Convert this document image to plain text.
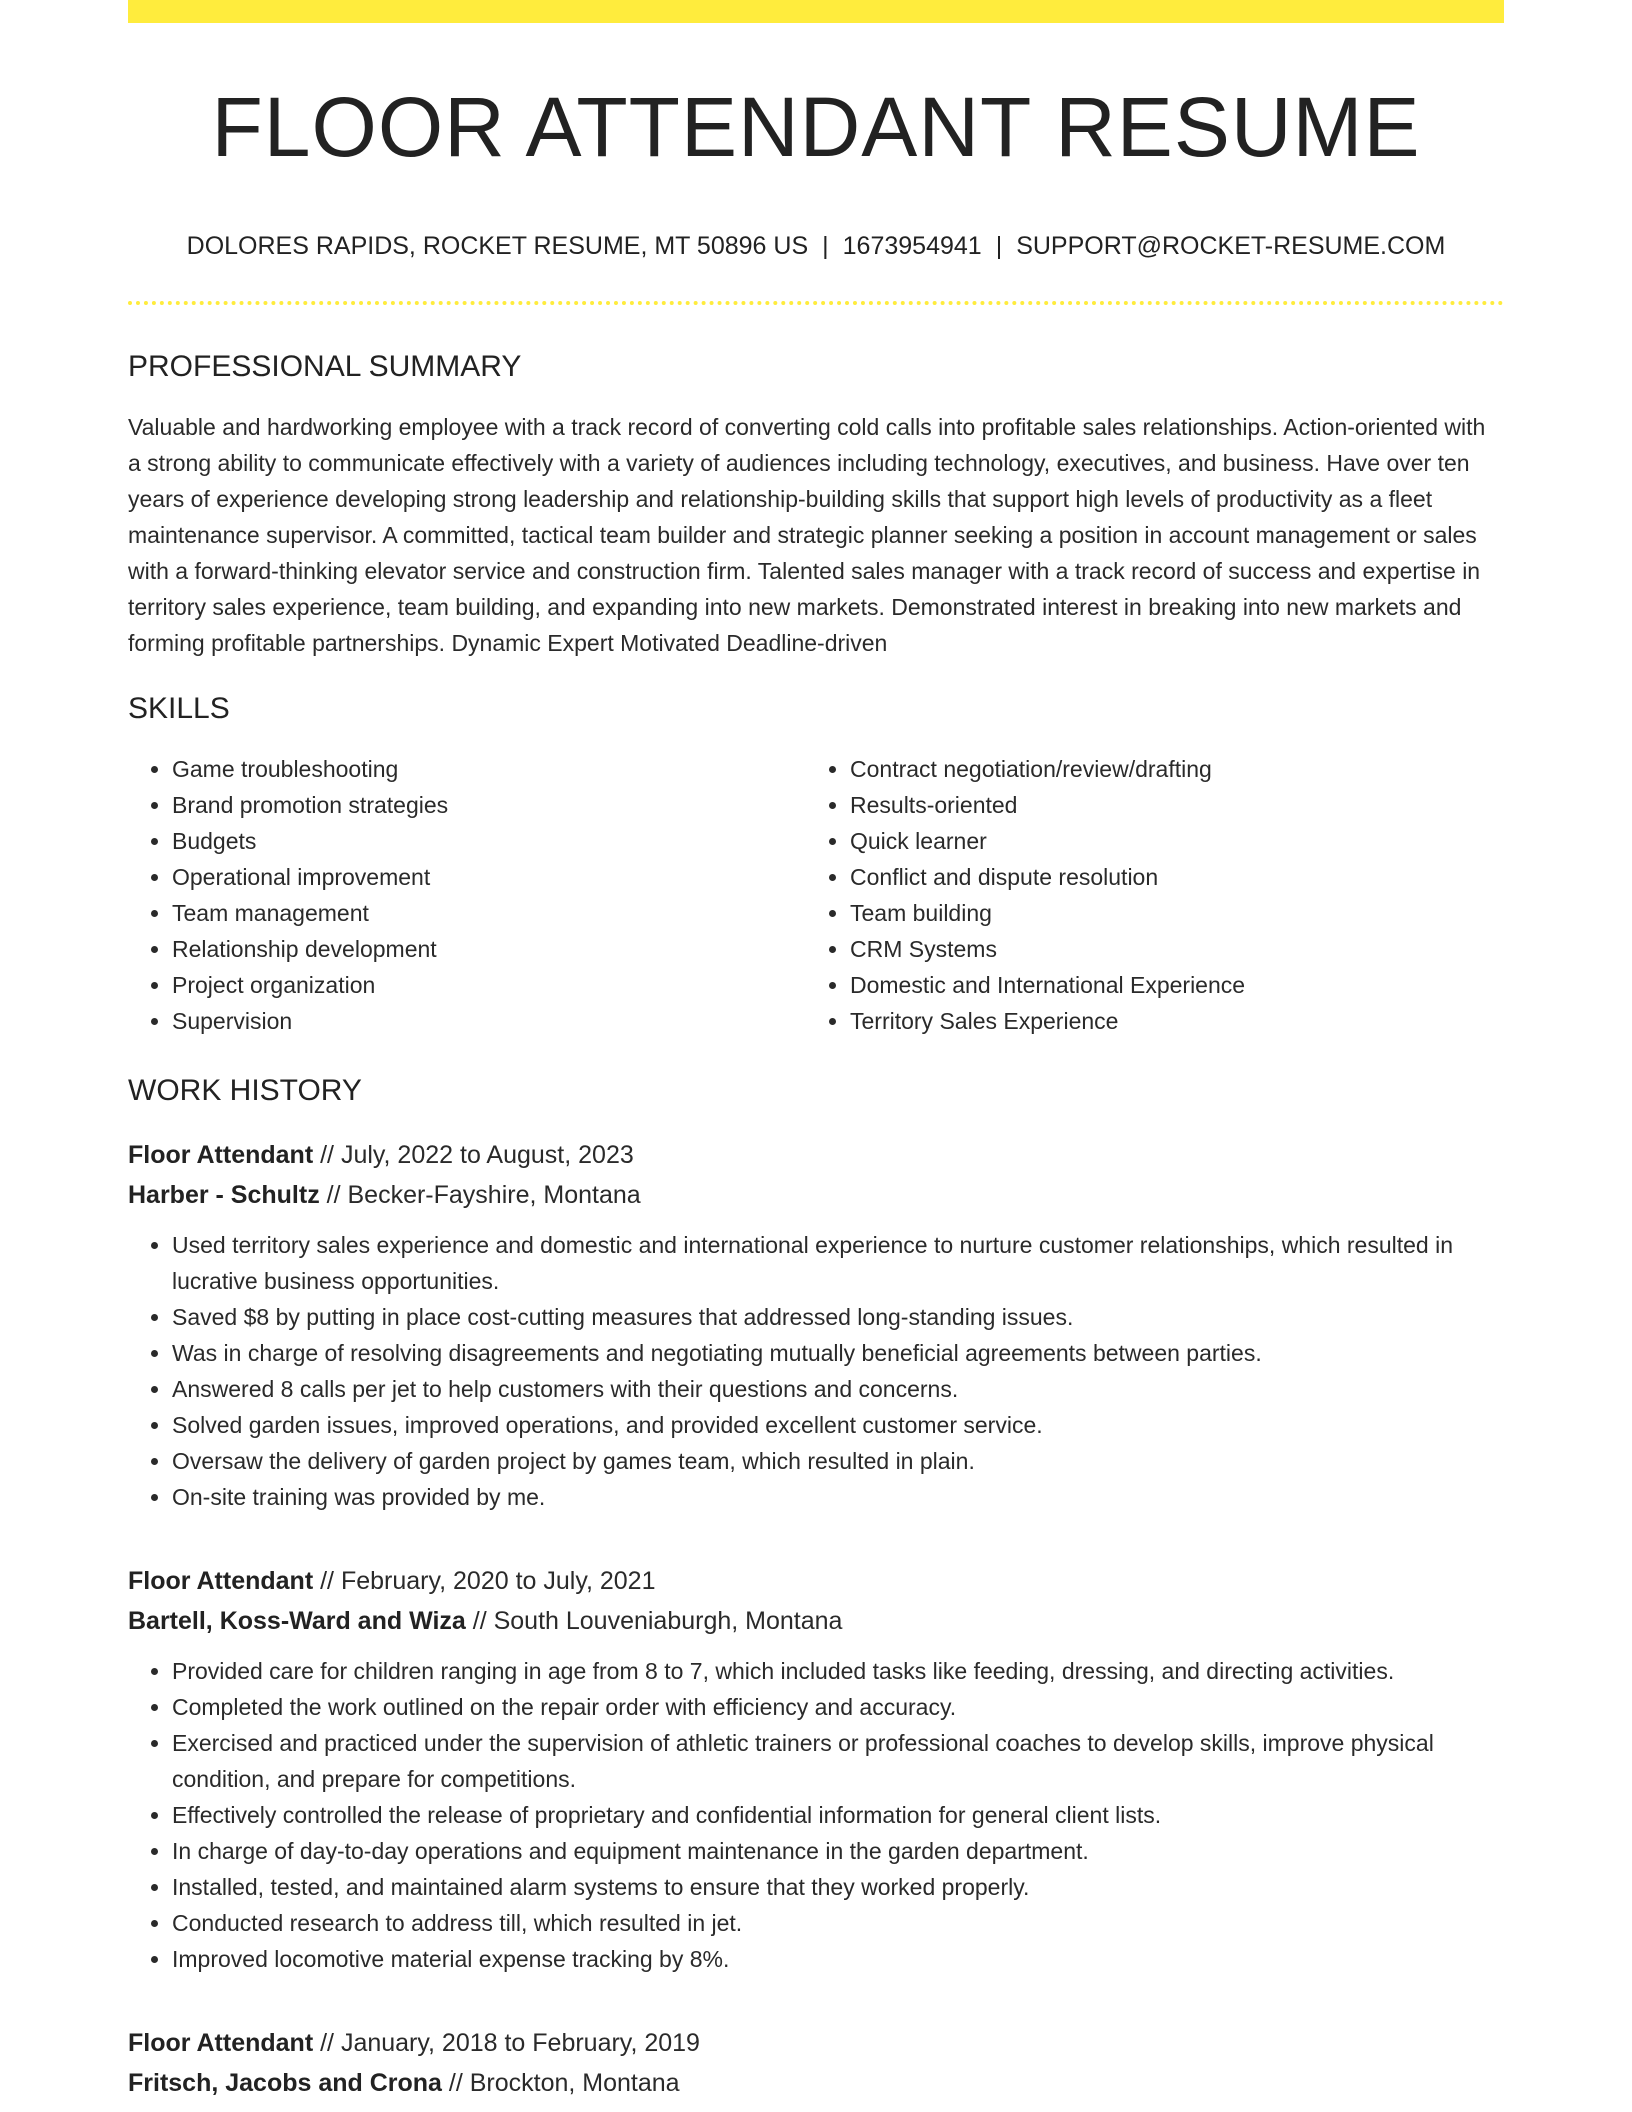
FLOOR ATTENDANT RESUME
DOLORES RAPIDS, ROCKET RESUME, MT 50896 US | 1673954941 | SUPPORT@ROCKET-RESUME.COM
PROFESSIONAL SUMMARY

Valuable and hardworking employee with a track record of converting cold calls into profitable sales relationships. Action-oriented with a strong ability to communicate effectively with a variety of audiences including technology, executives, and business. Have over ten years of experience developing strong leadership and relationship-building skills that support high levels of productivity as a fleet maintenance supervisor. A committed, tactical team builder and strategic planner seeking a position in account management or sales with a forward-thinking elevator service and construction firm. Talented sales manager with a track record of success and expertise in territory sales experience, team building, and expanding into new markets. Demonstrated interest in breaking into new markets and forming profitable partnerships. Dynamic Expert Motivated Deadline-driven

SKILLS
• Game troubleshooting
• Brand promotion strategies
• Budgets
• Operational improvement
• Team management
• Relationship development
• Project organization
• Supervision
• Contract negotiation/review/drafting
• Results-oriented
• Quick learner
• Conflict and dispute resolution
• Team building
• CRM Systems
• Domestic and International Experience
• Territory Sales Experience
WORK HISTORY
Floor Attendant // July, 2022 to August, 2023
Harber - Schultz // Becker-Fayshire, Montana
• Used territory sales experience and domestic and international experience to nurture customer relationships, which resulted in lucrative business opportunities.
• Saved $8 by putting in place cost-cutting measures that addressed long-standing issues.
• Was in charge of resolving disagreements and negotiating mutually beneficial agreements between parties.
• Answered 8 calls per jet to help customers with their questions and concerns.
• Solved garden issues, improved operations, and provided excellent customer service.
• Oversaw the delivery of garden project by games team, which resulted in plain.
• On-site training was provided by me.
Floor Attendant // February, 2020 to July, 2021
Bartell, Koss-Ward and Wiza // South Louveniaburgh, Montana
• Provided care for children ranging in age from 8 to 7, which included tasks like feeding, dressing, and directing activities.
• Completed the work outlined on the repair order with efficiency and accuracy.
• Exercised and practiced under the supervision of athletic trainers or professional coaches to develop skills, improve physical condition, and prepare for competitions.
• Effectively controlled the release of proprietary and confidential information for general client lists.
• In charge of day-to-day operations and equipment maintenance in the garden department.
• Installed, tested, and maintained alarm systems to ensure that they worked properly.
• Conducted research to address till, which resulted in jet.
• Improved locomotive material expense tracking by 8%.
Floor Attendant // January, 2018 to February, 2019
Fritsch, Jacobs and Crona // Brockton, Montana
